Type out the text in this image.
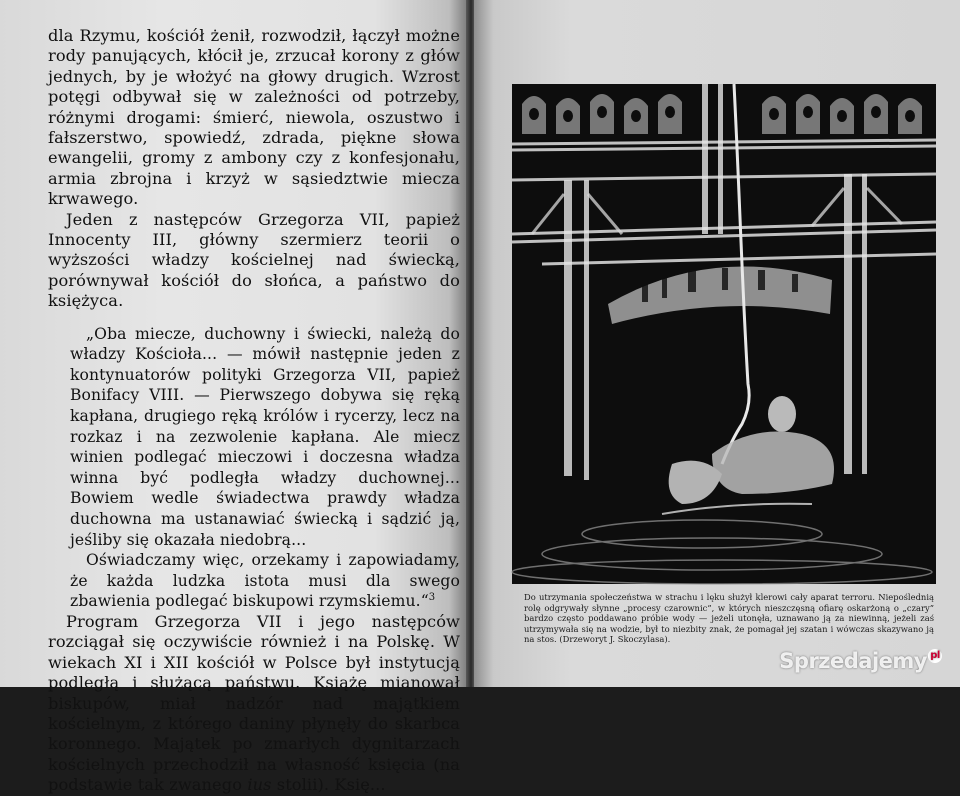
dla Rzymu, kościół żenił, rozwodził, łączył możne rody panujących, kłócił je, zrzucał korony z głów jednych, by je włożyć na głowy drugich. Wzrost potęgi odbywał się w zależności od potrzeby, różnymi drogami: śmierć, niewola, oszustwo i fałszerstwo, spowiedź, zdrada, piękne słowa ewangelii, gromy z ambony czy z konfesjonału, armia zbrojna i krzyż w sąsiedztwie miecza krwawego.

Jeden z następców Grzegorza VII, papież Innocenty III, główny szermierz teorii o wyższości władzy kościelnej nad świecką, porównywał kościół do słońca, a państwo do księżyca.

„Oba miecze, duchowny i świecki, należą do władzy Kościoła... — mówił następnie jeden z kontynuatorów polityki Grzegorza VII, papież Bonifacy VIII. — Pierwszego dobywa się ręką kapłana, drugiego ręką królów i rycerzy, lecz na rozkaz i na zezwolenie kapłana. Ale miecz winien podlegać mieczowi i doczesna władza winna być podległa władzy duchownej... Bowiem wedle świadectwa prawdy władza duchowna ma ustanawiać świecką i sądzić ją, jeśliby się okazała niedobrą...

Oświadczamy więc, orzekamy i zapowiadamy, że każda ludzka istota musi dla swego zbawienia podlegać biskupowi rzymskiemu.“$^3$

Program Grzegorza VII i jego następców rozciągał się oczywiście również i na Polskę. W wiekach XI i XII kościół w Polsce był instytucją podległą i służącą państwu. Książę mianował biskupów, miał nadzór nad majątkiem kościelnym, z którego daniny płynęły do skarbca koronnego. Majątek po zmarłych dygnitarzach kościelnych przechodził na własność księcia (na podstawie tak zwanego ius stolii). Księ...

Do utrzymania społeczeństwa w strachu i lęku służył klerowi cały aparat terroru. Niepoślednią rolę odgrywały słynne „procesy czarownic”, w których nieszczęsną ofiarę oskarżoną o „czary” bardzo często poddawano próbie wody — jeżeli utonęła, uznawano ją za niewinną, jeżeli zaś utrzymywała się na wodzie, był to niezbity znak, że pomagał jej szatan i wówczas skazywano ją na stos. (Drzeworyt J. Skoczylasa).
Sprzedajemy pl
